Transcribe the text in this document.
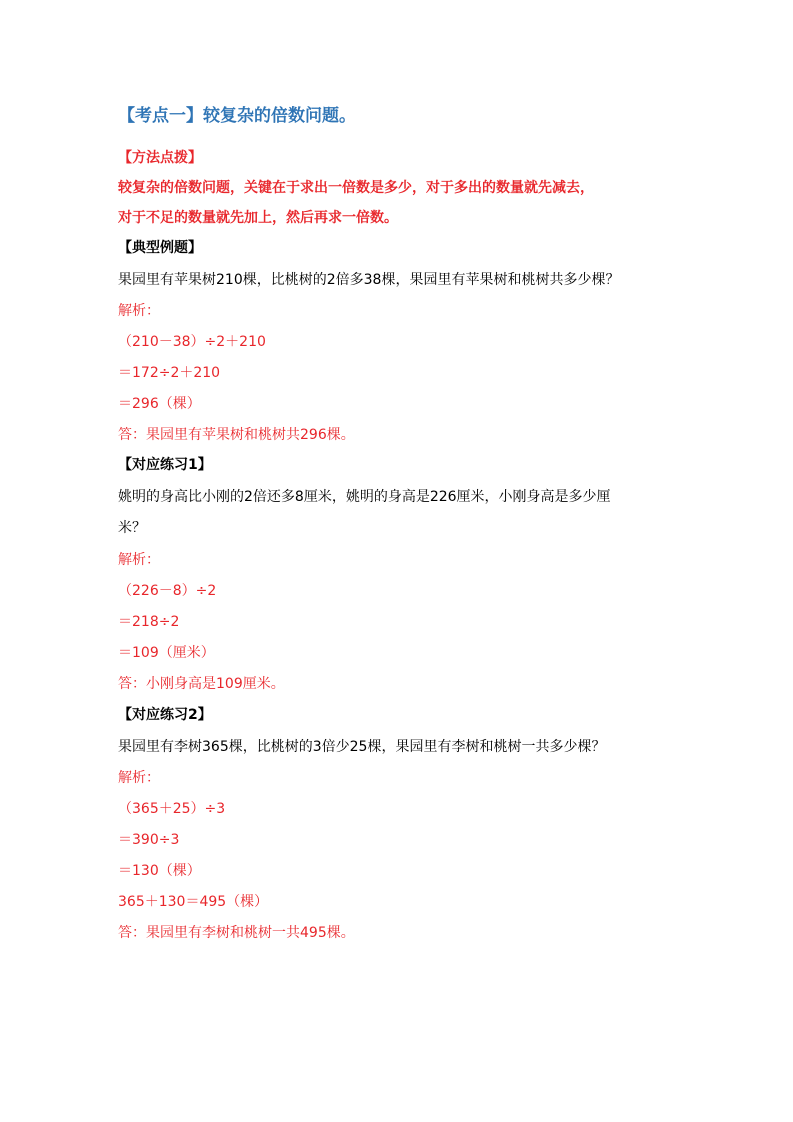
【考点一】较复杂的倍数问题。
【方法点拨】
较复杂的倍数问题，关键在于求出一倍数是多少，对于多出的数量就先减去，
对于不足的数量就先加上，然后再求一倍数。
【典型例题】
果园里有苹果树210棵，比桃树的2倍多38棵，果园里有苹果树和桃树共多少棵？
解析：
（210－38）÷2＋210
＝172÷2＋210
＝296（棵）
答：果园里有苹果树和桃树共296棵。
【对应练习1】
姚明的身高比小刚的2倍还多8厘米，姚明的身高是226厘米，小刚身高是多少厘
米？
解析：
（226－8）÷2
＝218÷2
＝109（厘米）
答：小刚身高是109厘米。
【对应练习2】
果园里有李树365棵，比桃树的3倍少25棵，果园里有李树和桃树一共多少棵？
解析：
（365＋25）÷3
＝390÷3
＝130（棵）
365＋130＝495（棵）
答：果园里有李树和桃树一共495棵。
